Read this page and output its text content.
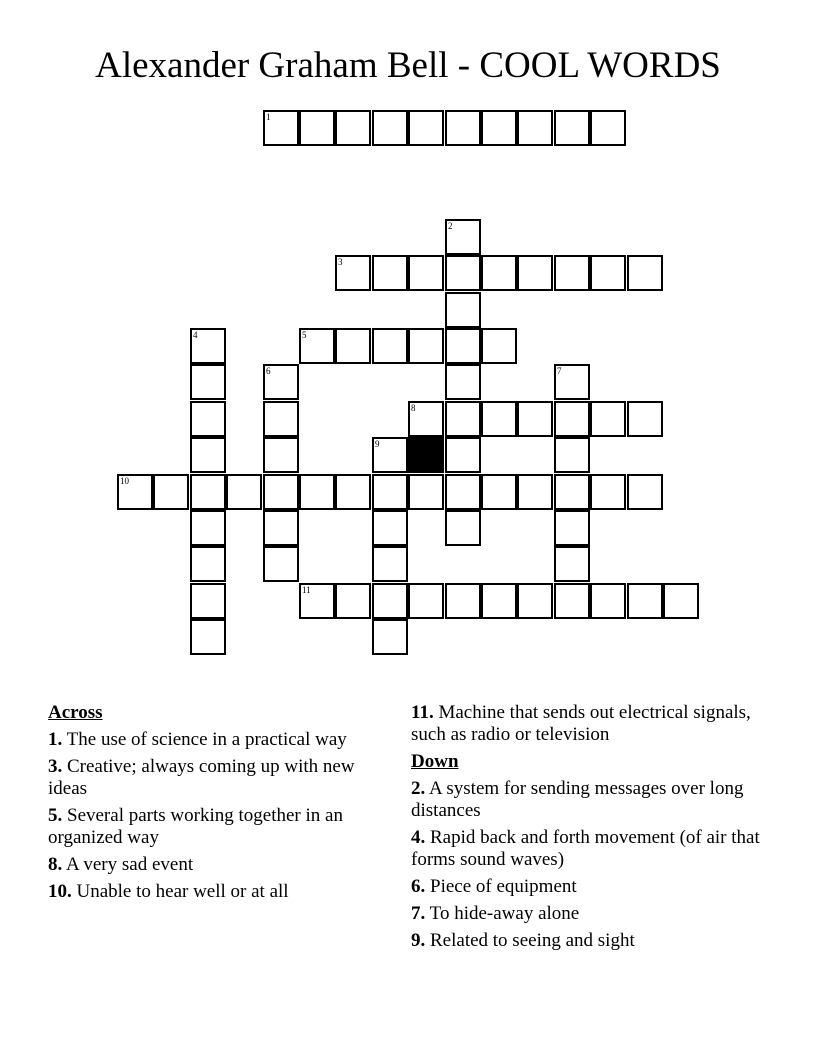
Alexander Graham Bell - COOL WORDS
1
2
3
4	5
6	7
8
9
10
11
Across
1. The use of science in a practical way
3. Creative; always coming up with new ideas
5. Several parts working together in an organized way
8. A very sad event
10. Unable to hear well or at all
11. Machine that sends out electrical signals, such as radio or television
Down
2. A system for sending messages over long distances
4. Rapid back and forth movement (of air that forms sound waves)
6. Piece of equipment
7. To hide-away alone
9. Related to seeing and sight
